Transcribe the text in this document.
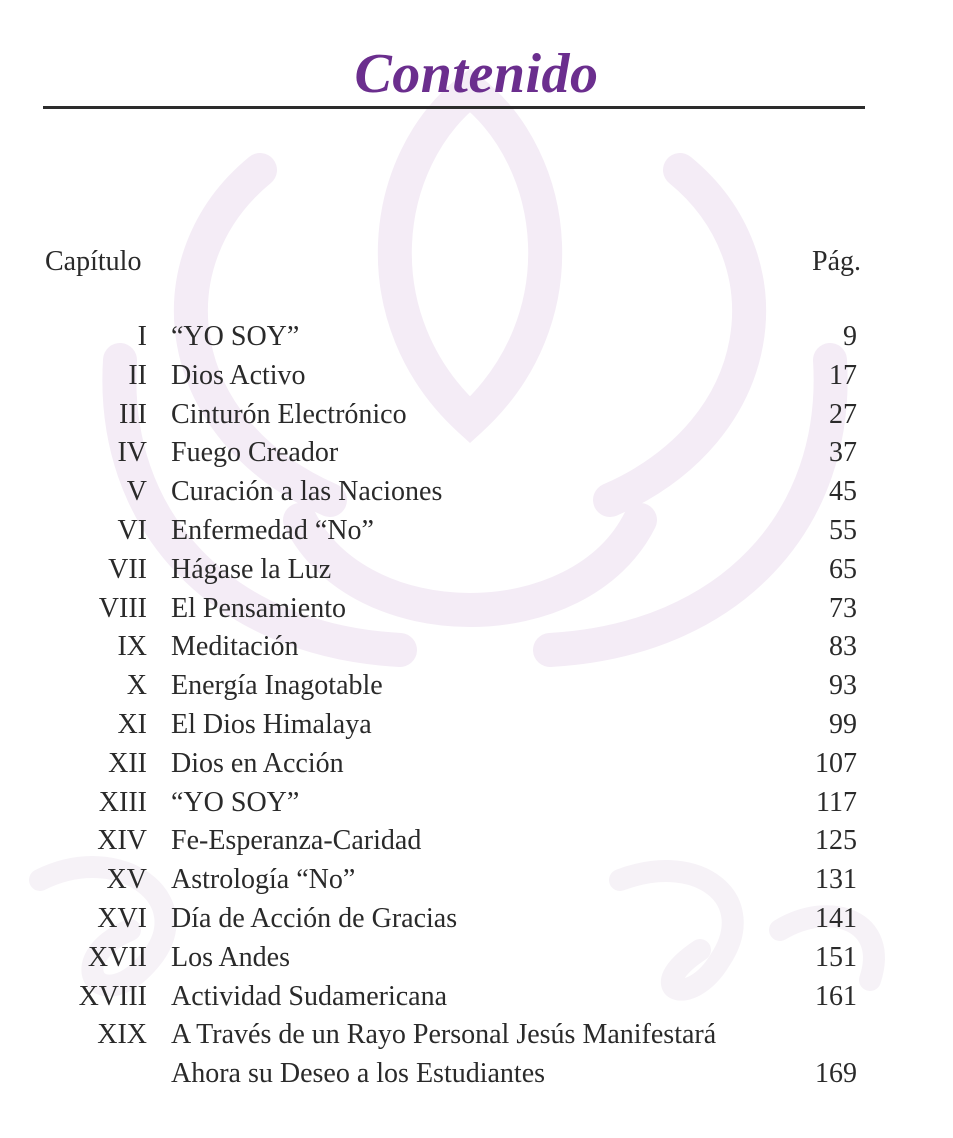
Contenido
Capítulo	Pág.
I “YO SOY”	9
II Dios Activo	17
III Cinturón Electrónico	27
IV Fuego Creador	37
V Curación a las Naciones	45
VI Enfermedad “No”	55
VII Hágase la Luz	65
VIII El Pensamiento	73
IX Meditación	83
X Energía Inagotable	93
XI El Dios Himalaya	99
XII Dios en Acción	107
XIII “YO SOY”	117
XIV Fe-Esperanza-Caridad	125
XV Astrología “No”	131
XVI Día de Acción de Gracias	141
XVII Los Andes	151
XVIII Actividad Sudamericana	161
XIX A Través de un Rayo Personal Jesús Manifestará
Ahora su Deseo a los Estudiantes	169
